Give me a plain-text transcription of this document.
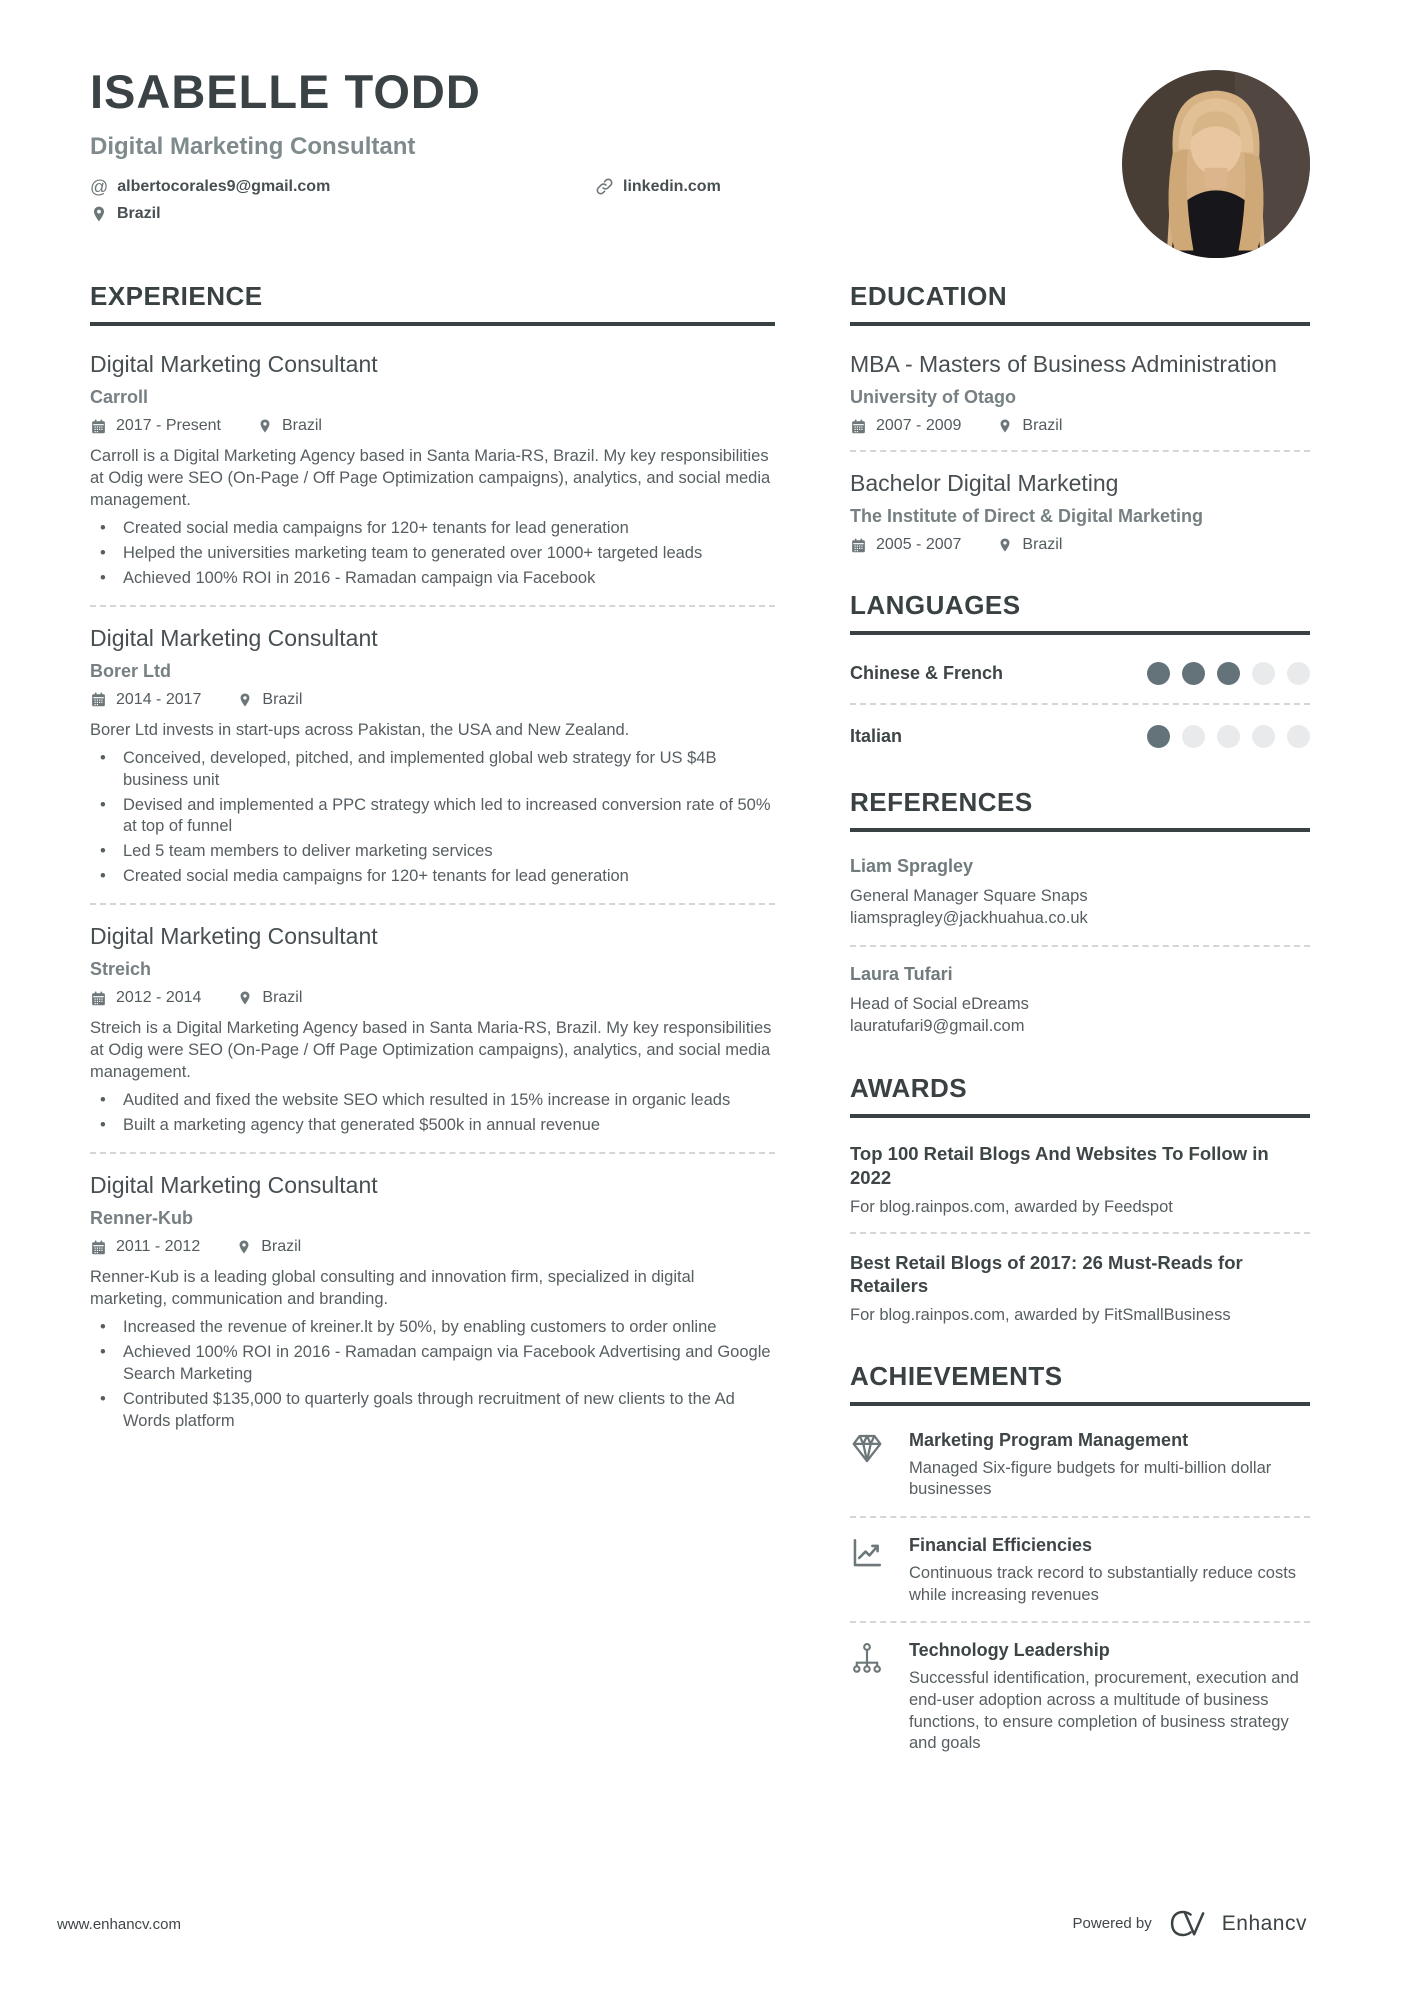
ISABELLE TODD

Digital Marketing Consultant

@ albertocorales9@gmail.com	linkedin.com
Brazil
EXPERIENCE
Digital Marketing Consultant

Carroll

2017 - Present	Brazil

Carroll is a Digital Marketing Agency based in Santa Maria-RS, Brazil. My key responsibilities at Odig were SEO (On-Page / Off Page Optimization campaigns), analytics, and social media management.

• Created social media campaigns for 120+ tenants for lead generation
• Helped the universities marketing team to generated over 1000+ targeted leads
• Achieved 100% ROI in 2016 - Ramadan campaign via Facebook
Digital Marketing Consultant

Borer Ltd

2014 - 2017	Brazil

Borer Ltd invests in start-ups across Pakistan, the USA and New Zealand.

• Conceived, developed, pitched, and implemented global web strategy for US $4B business unit
• Devised and implemented a PPC strategy which led to increased conversion rate of 50% at top of funnel
• Led 5 team members to deliver marketing services
• Created social media campaigns for 120+ tenants for lead generation
Digital Marketing Consultant

Streich

2012 - 2014	Brazil

Streich is a Digital Marketing Agency based in Santa Maria-RS, Brazil. My key responsibilities at Odig were SEO (On-Page / Off Page Optimization campaigns), analytics, and social media management.

• Audited and fixed the website SEO which resulted in 15% increase in organic leads
• Built a marketing agency that generated $500k in annual revenue
Digital Marketing Consultant

Renner-Kub

2011 - 2012	Brazil

Renner-Kub is a leading global consulting and innovation firm, specialized in digital marketing, communication and branding.

• Increased the revenue of kreiner.lt by 50%, by enabling customers to order online
• Achieved 100% ROI in 2016 - Ramadan campaign via Facebook Advertising and Google Search Marketing
• Contributed $135,000 to quarterly goals through recruitment of new clients to the Ad Words platform
EDUCATION
MBA - Masters of Business Administration

University of Otago

2007 - 2009	Brazil
Bachelor Digital Marketing

The Institute of Direct & Digital Marketing

2005 - 2007	Brazil
LANGUAGES
Chinese & French
Italian
REFERENCES

Liam Spragley

General Manager Square Snaps

liamspragley@jackhuahua.co.uk

Laura Tufari

Head of Social eDreams

lauratufari9@gmail.com

AWARDS

Top 100 Retail Blogs And Websites To Follow in 2022

For blog.rainpos.com, awarded by Feedspot

Best Retail Blogs of 2017: 26 Must-Reads for Retailers

For blog.rainpos.com, awarded by FitSmallBusiness

ACHIEVEMENTS

Marketing Program Management

Managed Six-figure budgets for multi-billion dollar businesses

Financial Efficiencies

Continuous track record to substantially reduce costs while increasing revenues

Technology Leadership

Successful identification, procurement, execution and end-user adoption across a multitude of business functions, to ensure completion of business strategy and goals

www.enhancv.com	Powered by	Enhancv
